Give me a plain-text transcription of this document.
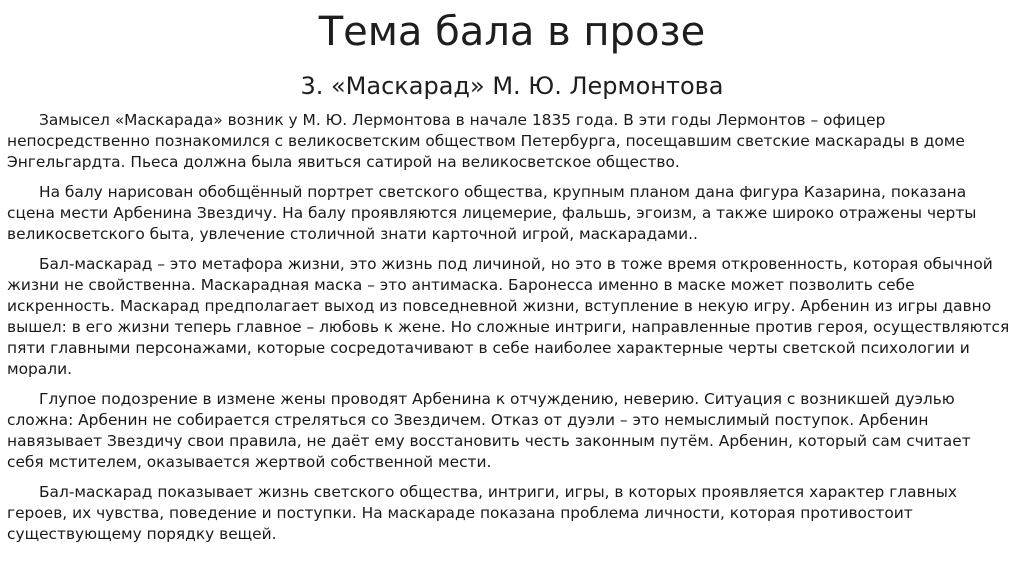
Тема бала в прозе
3. «Маскарад» М. Ю. Лермонтова

Замысел «Маскарада» возник у М. Ю. Лермонтова в начале 1835 года. В эти годы Лермонтов – офицер непосредственно познакомился с великосветским обществом Петербурга, посещавшим светские маскарады в доме Энгельгардта. Пьеса должна была явиться сатирой на великосветское общество.

На балу нарисован обобщённый портрет светского общества, крупным планом дана фигура Казарина, показана сцена мести Арбенина Звездичу. На балу проявляются лицемерие, фальшь, эгоизм, а также широко отражены черты великосветского быта, увлечение столичной знати карточной игрой, маскарадами..

Бал-маскарад – это метафора жизни, это жизнь под личиной, но это в тоже время откровенность, которая обычной жизни не свойственна. Маскарадная маска – это антимаска. Баронесса именно в маске может позволить себе искренность. Маскарад предполагает выход из повседневной жизни, вступление в некую игру. Арбенин из игры давно вышел: в его жизни теперь главное – любовь к жене. Но сложные интриги, направленные против героя, осуществляются пяти главными персонажами, которые сосредотачивают в себе наиболее характерные черты светской психологии и морали.

Глупое подозрение в измене жены проводят Арбенина к отчуждению, неверию. Ситуация с возникшей дуэлью сложна: Арбенин не собирается стреляться со Звездичем. Отказ от дуэли – это немыслимый поступок. Арбенин навязывает Звездичу свои правила, не даёт ему восстановить честь законным путём. Арбенин, который сам считает себя мстителем, оказывается жертвой собственной мести.

Бал-маскарад показывает жизнь светского общества, интриги, игры, в которых проявляется характер главных героев, их чувства, поведение и поступки. На маскараде показана проблема личности, которая противостоит существующему порядку вещей.
